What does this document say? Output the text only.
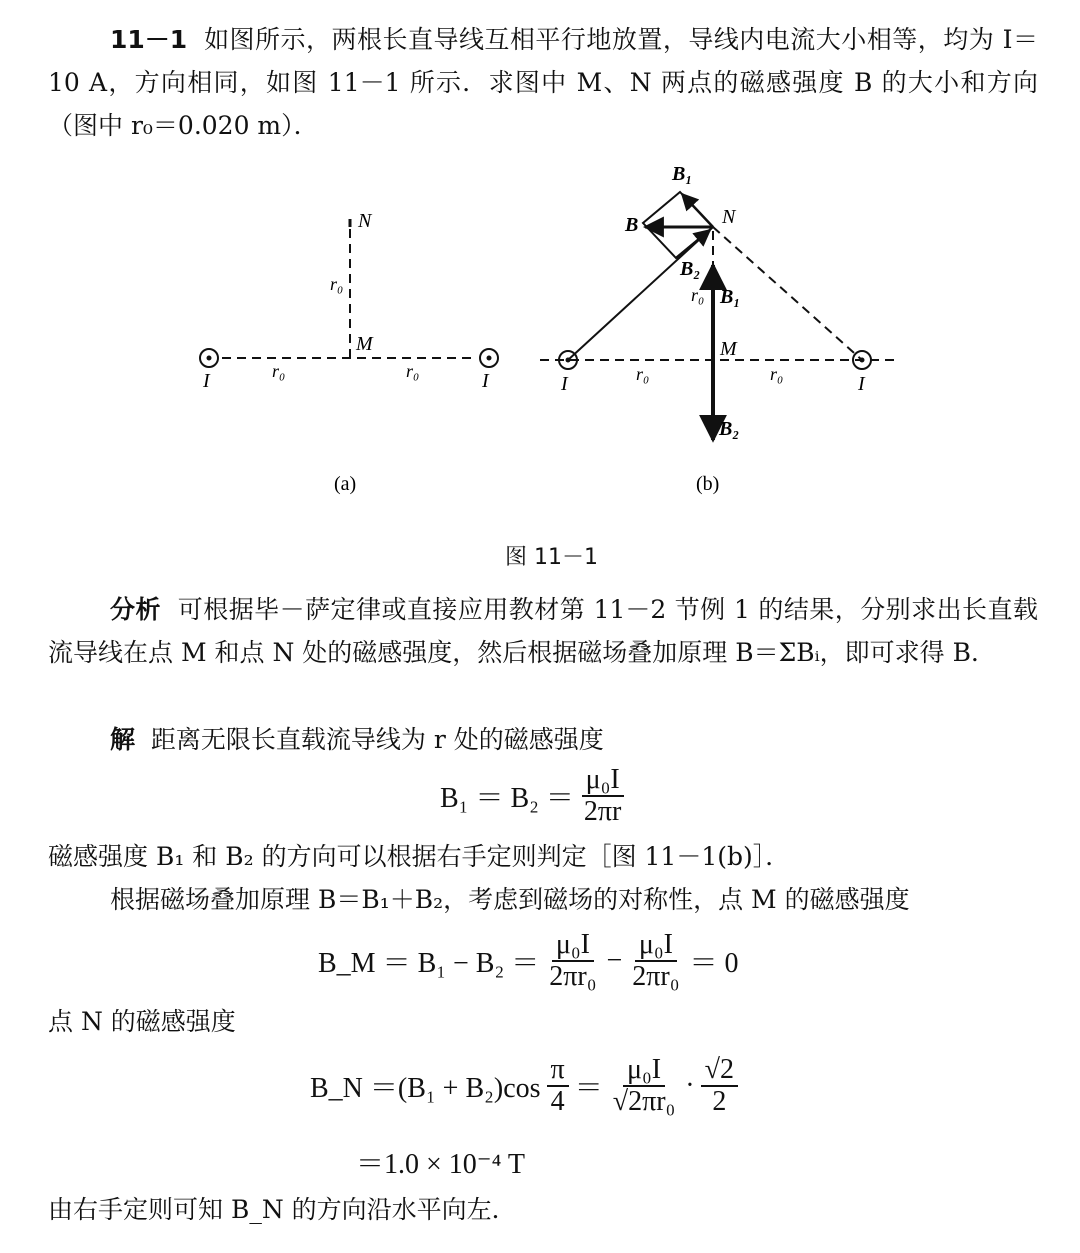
11－1 如图所示，两根长直导线互相平行地放置，导线内电流大小相等，均为 I＝10 A，方向相同，如图 11－1 所示．求图中 M、N 两点的磁感强度 B 的大小和方向（图中 r₀＝0.020 m）．

N
r₀
M
I	r₀	r₀	I
(a)
B₁
B	N
B₂
r₀ B₁
M
I	r₀	r₀	I
B₂
(b)
图 11－1

分析 可根据毕－萨定律或直接应用教材第 11－2 节例 1 的结果，分别求出长直载流导线在点 M 和点 N 处的磁感强度，然后根据磁场叠加原理 B＝ΣBᵢ，即可求得 B．

解 距离无限长直载流导线为 r 处的磁感强度

$B_1 = B_2 = \frac{\text{μ₀I}}{2\pi r}$

磁感强度 B₁ 和 B₂ 的方向可以根据右手定则判定［图 11－1(b)］．

根据磁场叠加原理 B＝B₁＋B₂，考虑到磁场的对称性，点 M 的磁感强度

B_M ＝ $B_1 - B_2 = \frac{\text{μ₀I}}{\text{2πr₀}} - \frac{\text{μ₀I}}{\text{2πr₀}} = 0$

点 N 的磁感强度

B_N $=(B_1 + B_2)\cos \frac{\pi}{4} = \frac{\text{μ₀I}}{\text{√2πr₀}} \cdot \frac{√2}{2}$
＝1.0 × 10⁻⁴ T

由右手定则可知 B_N 的方向沿水平向左．
